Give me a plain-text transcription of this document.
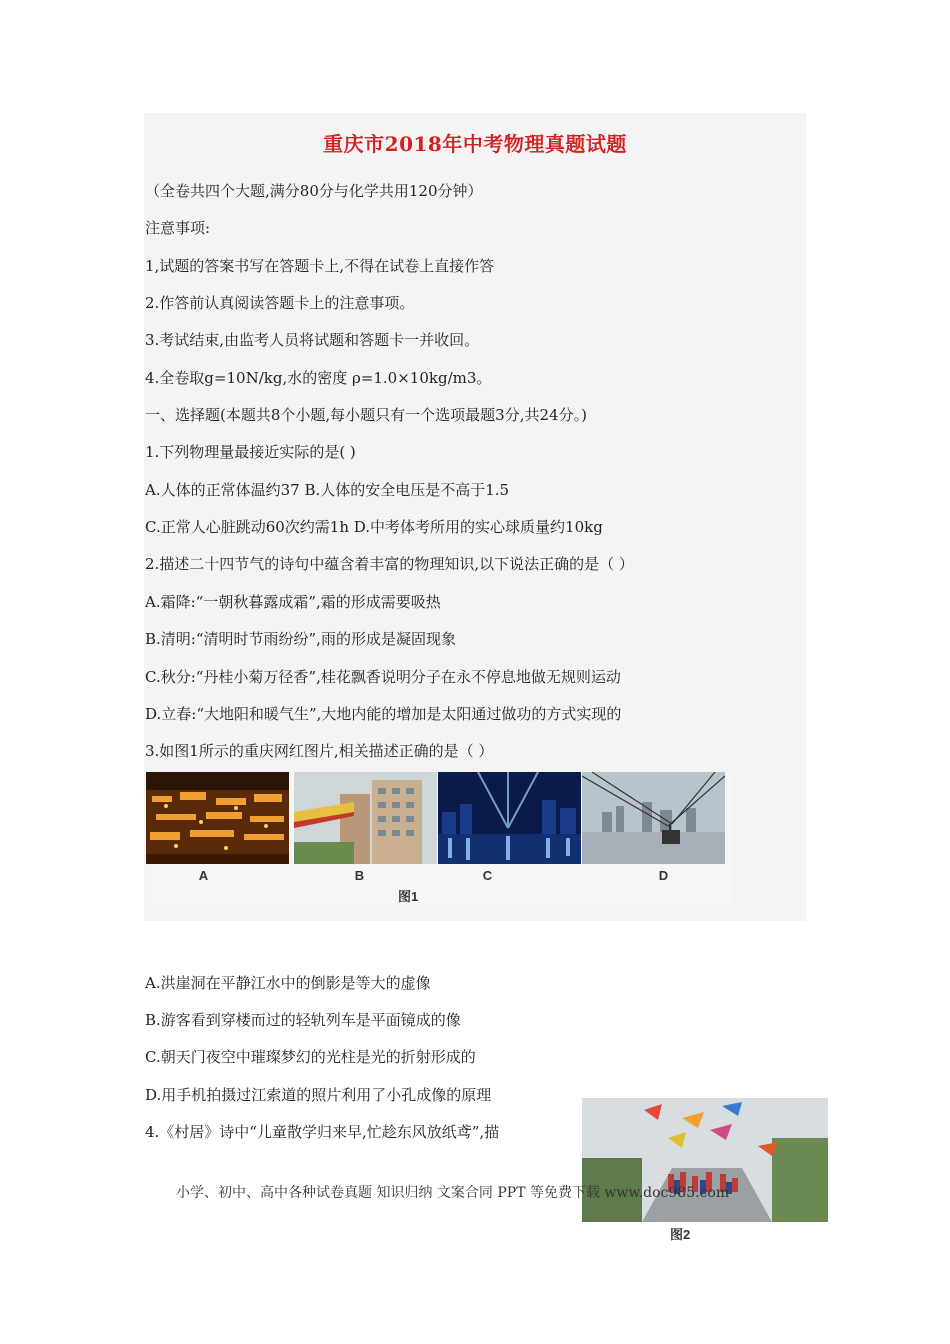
重庆市2018年中考物理真题试题
（全卷共四个大题,满分80分与化学共用120分钟）
注意事项:
1,试题的答案书写在答题卡上,不得在试卷上直接作答
2.作答前认真阅读答题卡上的注意事项。
3.考试结束,由监考人员将试题和答题卡一并收回。
4.全卷取g=10N/kg,水的密度 ρ=1.0×10kg/m3。
一、选择题(本题共8个小题,每小题只有一个选项最题3分,共24分。)
1.下列物理量最接近实际的是( )
A.人体的正常体温约37 B.人体的安全电压是不高于1.5
C.正常人心脏跳动60次约需1h D.中考体考所用的实心球质量约10kg
2.描述二十四节气的诗句中蕴含着丰富的物理知识,以下说法正确的是（ ）
A.霜降:“一朝秋暮露成霜”,霜的形成需要吸热
B.清明:“清明时节雨纷纷”,雨的形成是凝固现象
C.秋分:“丹桂小菊万径香”,桂花飘香说明分子在永不停息地做无规则运动
D.立春:“大地阳和暖气生”,大地内能的增加是太阳通过做功的方式实现的
3.如图1所示的重庆网红图片,相关描述正确的是（ ）
A	B	C	D
图1
A.洪崖洞在平静江水中的倒影是等大的虚像
B.游客看到穿楼而过的轻轨列车是平面镜成的像
C.朝天门夜空中璀璨梦幻的光柱是光的折射形成的
D.用手机拍摄过江索道的照片利用了小孔成像的原理
4.《村居》诗中“儿童散学归来早,忙趁东风放纸鸢”,描
图2
小学、初中、高中各种试卷真题 知识归纳 文案合同 PPT 等免费下载 www.doc985.com
